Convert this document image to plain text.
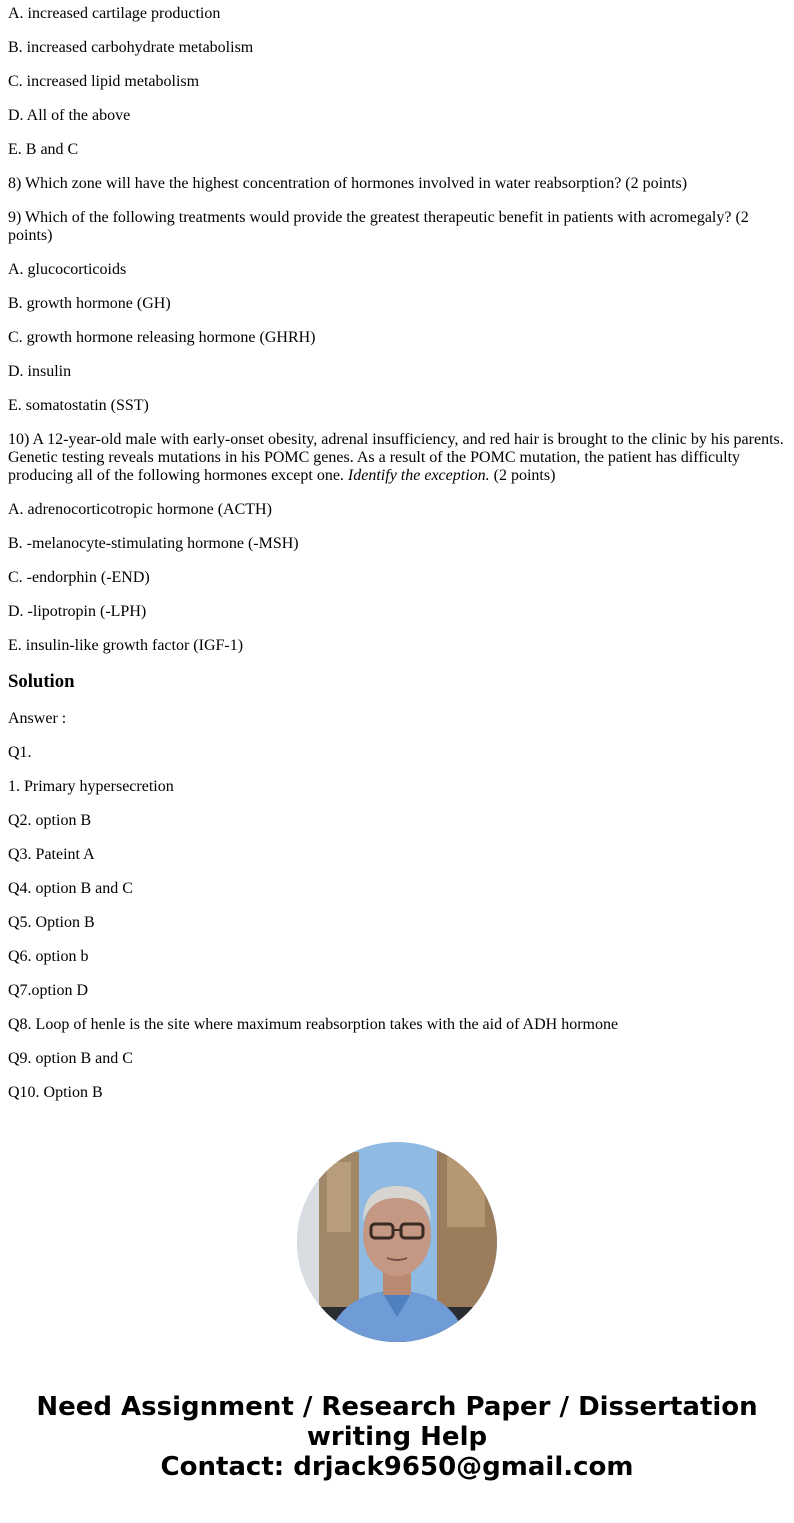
A. increased cartilage production

B. increased carbohydrate metabolism

C. increased lipid metabolism

D. All of the above

E. B and C

8) Which zone will have the highest concentration of hormones involved in water reabsorption? (2 points)

9) Which of the following treatments would provide the greatest therapeutic benefit in patients with acromegaly? (2 points)

A. glucocorticoids

B. growth hormone (GH)

C. growth hormone releasing hormone (GHRH)

D. insulin

E. somatostatin (SST)

10) A 12-year-old male with early-onset obesity, adrenal insufficiency, and red hair is brought to the clinic by his parents. Genetic testing reveals mutations in his POMC genes. As a result of the POMC mutation, the patient has difficulty producing all of the following hormones except one. Identify the exception. (2 points)

A. adrenocorticotropic hormone (ACTH)

B. -melanocyte-stimulating hormone (-MSH)

C. -endorphin (-END)

D. -lipotropin (-LPH)

E. insulin-like growth factor (IGF-1)

Solution

Answer :

Q1.

1. Primary hypersecretion

Q2. option B

Q3. Pateint A

Q4. option B and C

Q5. Option B

Q6. option b

Q7.option D

Q8. Loop of henle is the site where maximum reabsorption takes with the aid of ADH hormone

Q9. option B and C

Q10. Option B

Need Assignment / Research Paper / Dissertation
writing Help
Contact: drjack9650@gmail.com
